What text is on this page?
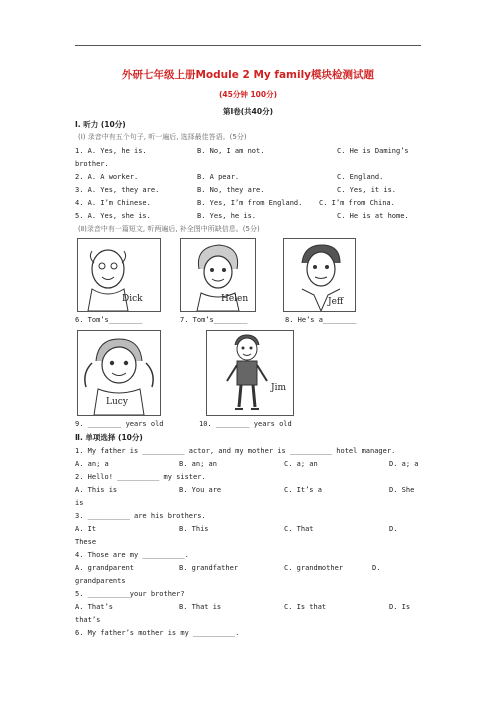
外研七年级上册Module 2 My family模块检测试题
(45分钟 100分)
第Ⅰ卷(共40分)
Ⅰ. 听力 (10分)
(Ⅰ) 录音中有五个句子, 听一遍后, 选择最佳答语。(5分)
1. A. Yes, he is.	B. No, I am not.	C. He is Daming’s
brother.
2. A. A worker.	B. A pear.	C. England.
3. A. Yes, they are.	B. No, they are.	C. Yes, it is.
4. A. I’m Chinese.	B. Yes, I’m from England. C. I’m from China.
5. A. Yes, she is.	B. Yes, he is.	C. He is at home.
(Ⅱ)录音中有一篇短文, 听两遍后, 补全图中所缺信息。(5分)
Dick	Helen	Jeff
6. Tom’s________	7. Tom’s________	8. He’s a________
Lucy
Jim
9. ________ years old	10. ________ years old
Ⅱ. 单项选择 (10分)
1. My father is __________ actor, and my mother is __________ hotel manager.
A. an; a	B. an; an	C. a; an	D. a; a
2. Hello! __________ my sister.
A. This is	B. You are	C. It’s a	D. She
is
3. __________ are his brothers.
A. It	B. This	C. That	D.
These
4. Those are my __________.
A. grandparent	B. grandfather	C. grandmother	D.
grandparents
5. __________your brother?
A. That’s	B. That is	C. Is that	D. Is
that’s
6. My father’s mother is my __________.
